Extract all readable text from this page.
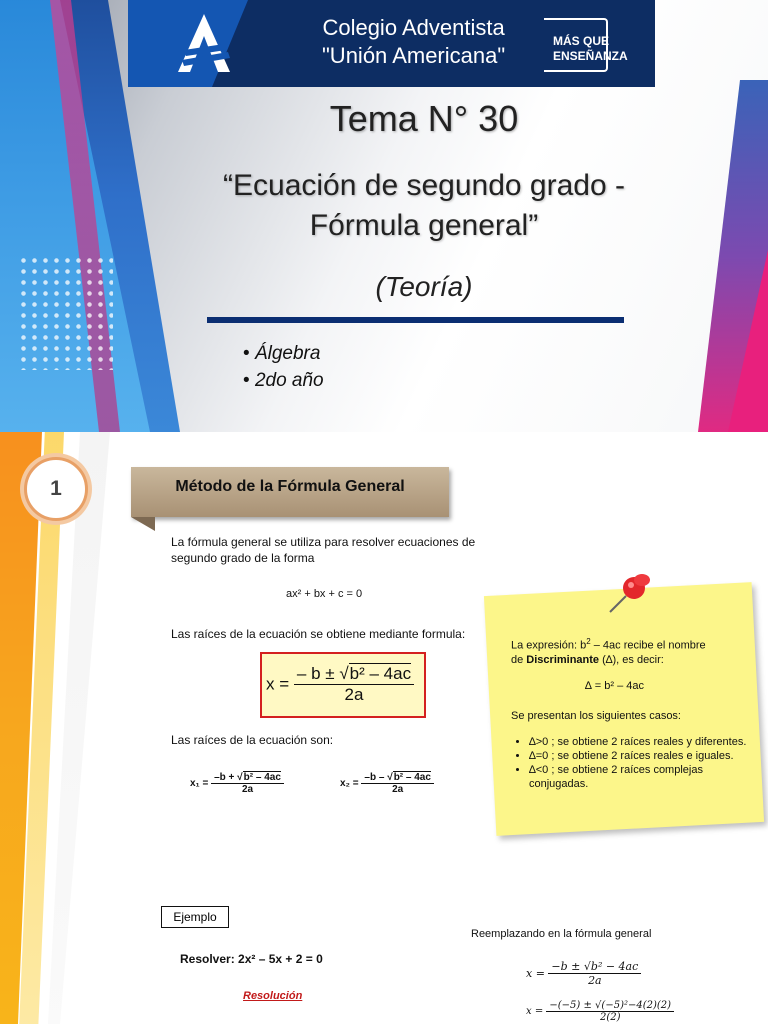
Colegio Adventista
"Unión Americana"
MÁS QUE
ENSEÑANZA
Tema N° 30
“Ecuación de segundo grado -
Fórmula general”
(Teoría)
• Álgebra
• 2do año
1	Método de la Fórmula General
La fórmula general se utiliza para resolver ecuaciones de
segundo grado de la forma
ax² + bx + c = 0
Las raíces de la ecuación se obtiene mediante formula:
$x = \frac{\text{– b ± √b² – 4ac}}{2a}$
Las raíces de la ecuación son:
$x_1 = \frac{\text{–b + √b² – 4ac}}{2a}$	$x_2 = \frac{\text{–b – √b² – 4ac}}{2a}$
La expresión: $b^2 - 4ac$ recibe el nombre
de Discriminante (∆), es decir:
∆ = b² – 4ac
Se presentan los siguientes casos:
• ∆>0 ; se obtiene 2 raíces reales y diferentes.
• ∆=0 ; se obtiene 2 raíces reales e iguales.
• ∆<0 ; se obtiene 2 raíces complejas conjugadas.
Ejemplo
Resolver: 2x² – 5x + 2 = 0
Resolución
Reemplazando en la fórmula general
$x = \frac{\text{−b ± √b² − 4ac}}{2a}$
$x = \frac{\text{−(−5) ± √(−5)²−4(2)(2)}}{2(2)}$
